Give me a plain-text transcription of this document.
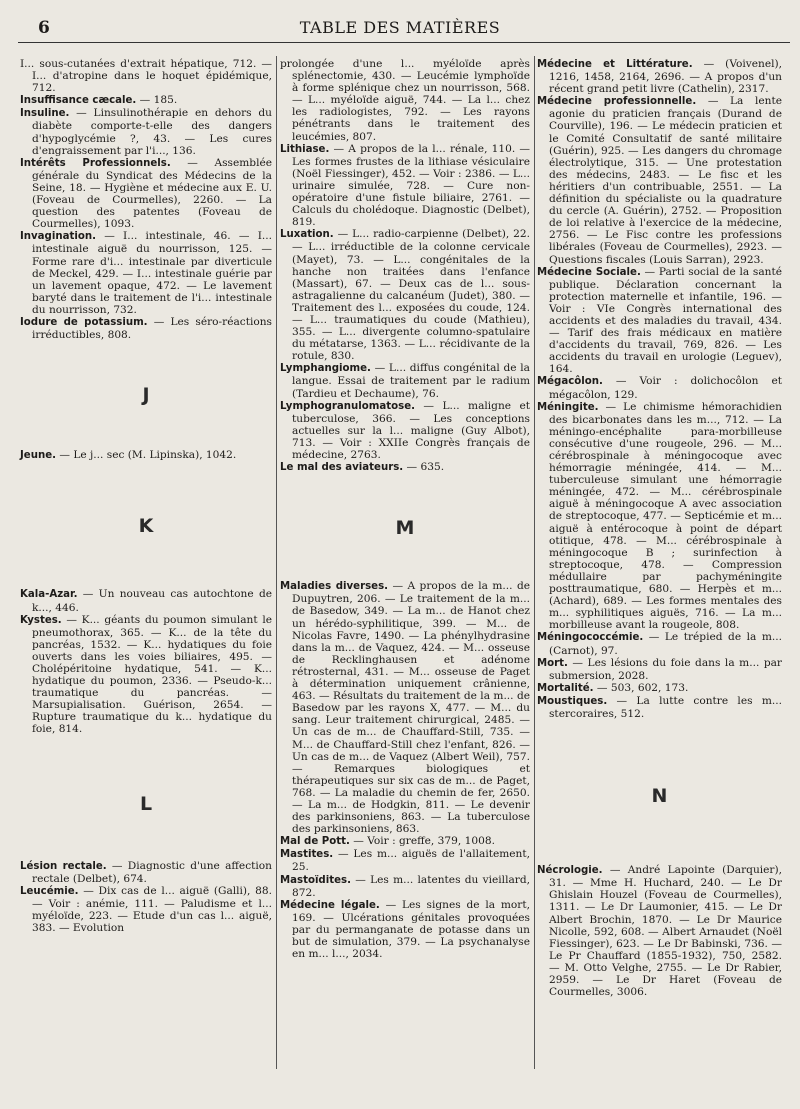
6	TABLE DES MATIÈRES

I... sous-cutanées d'extrait hépatique, 712. — I... d'atropine dans le hoquet épidémique, 712.

Insuffisance cæcale. — 185.

Insuline. — Linsulinothérapie en dehors du diabète comporte-t-elle des dangers d'hypoglycémie ?, 43. — Les cures d'engraissement par l'i..., 136.

Intérêts Professionnels. — Assemblée générale du Syndicat des Médecins de la Seine, 18. — Hygiène et médecine aux E. U. (Foveau de Courmelles), 2260. — La question des patentes (Foveau de Courmelles), 1093.

Invagination. — I... intestinale, 46. — I... intestinale aiguë du nourrisson, 125. — Forme rare d'i... intestinale par diverticule de Meckel, 429. — I... intestinale guérie par un lavement opaque, 472. — Le lavement baryté dans le traitement de l'i... intestinale du nourrisson, 732.

Iodure de potassium. — Les séro-réactions irréductibles, 808.

J

Jeune. — Le j... sec (M. Lipinska), 1042.

K

Kala-Azar. — Un nouveau cas autochtone de k..., 446.

Kystes. — K... géants du poumon simulant le pneumothorax, 365. — K... de la tête du pancréas, 1532. — K... hydatiques du foie ouverts dans les voies biliaires, 495. — Cholépéritoine hydatique, 541. — K... hydatique du poumon, 2336. — Pseudo-k... traumatique du pancréas. — Marsupialisation. Guérison, 2654. — Rupture traumatique du k... hydatique du foie, 814.

L

Lésion rectale. — Diagnostic d'une affection rectale (Delbet), 674.

Leucémie. — Dix cas de l... aiguë (Galli), 88. — Voir : anémie, 111. — Paludisme et l... myéloïde, 223. — Etude d'un cas l... aiguë, 383. — Evolution

prolongée d'une l... myéloïde après splénectomie, 430. — Leucémie lymphoïde à forme splénique chez un nourrisson, 568. — L... myéloïde aiguë, 744. — La l... chez les radiologistes, 792. — Les rayons pénétrants dans le traitement des leucémies, 807.

Lithiase. — A propos de la l... rénale, 110. — Les formes frustes de la lithiase vésiculaire (Noël Fiessinger), 452. — Voir : 2386. — L... urinaire simulée, 728. — Cure non-opératoire d'une fistule biliaire, 2761. — Calculs du cholédoque. Diagnostic (Delbet), 819.

Luxation. — L... radio-carpienne (Delbet), 22. — L... irréductible de la colonne cervicale (Mayet), 73. — L... congénitales de la hanche non traitées dans l'enfance (Massart), 67. — Deux cas de l... sous-astragalienne du calcanéum (Judet), 380. — Traitement des l... exposées du coude, 124. — L... traumatiques du coude (Mathieu), 355. — L... divergente columno-spatulaire du métatarse, 1363. — L... récidivante de la rotule, 830.

Lymphangiome. — L... diffus congénital de la langue. Essai de traitement par le radium (Tardieu et Dechaume), 76.

Lymphogranulomatose. — L... maligne et tuberculose, 366. — Les conceptions actuelles sur la l... maligne (Guy Albot), 713. — Voir : XXIIe Congrès français de médecine, 2763.

Le mal des aviateurs. — 635.

M

Maladies diverses. — A propos de la m... de Dupuytren, 206. — Le traitement de la m... de Basedow, 349. — La m... de Hanot chez un hérédo-syphilitique, 399. — M... de Nicolas Favre, 1490. — La phénylhydrasine dans la m... de Vaquez, 424. — M... osseuse de Recklinghausen et adénome rétrosternal, 431. — M... osseuse de Paget à détermination uniquement crânienne, 463. — Résultats du traitement de la m... de Basedow par les rayons X, 477. — M... du sang. Leur traitement chirurgical, 2485. — Un cas de m... de Chauffard-Still, 735. — M... de Chauffard-Still chez l'enfant, 826. — Un cas de m... de Vaquez (Albert Weil), 757. — Remarques biologiques et thérapeutiques sur six cas de m... de Paget, 768. — La maladie du chemin de fer, 2650. — La m... de Hodgkin, 811. — Le devenir des parkinsoniens, 863. — La tuberculose des parkinsoniens, 863.

Mal de Pott. — Voir : greffe, 379, 1008.

Mastites. — Les m... aiguës de l'allaitement, 25.

Mastoïdites. — Les m... latentes du vieillard, 872.

Médecine légale. — Les signes de la mort, 169. — Ulcérations génitales provoquées par du permanganate de potasse dans un but de simulation, 379. — La psychanalyse en m... l..., 2034.

Médecine et Littérature. — (Voivenel), 1216, 1458, 2164, 2696. — A propos d'un récent grand petit livre (Cathelin), 2317.

Médecine professionnelle. — La lente agonie du praticien français (Durand de Courville), 196. — Le médecin praticien et le Comité Consultatif de santé militaire (Guérin), 925. — Les dangers du chromage électrolytique, 315. — Une protestation des médecins, 2483. — Le fisc et les héritiers d'un contribuable, 2551. — La définition du spécialiste ou la quadrature du cercle (A. Guérin), 2752. — Proposition de loi relative à l'exercice de la médecine, 2756. — Le Fisc contre les professions libérales (Foveau de Courmelles), 2923. — Questions fiscales (Louis Sarran), 2923.

Médecine Sociale. — Parti social de la santé publique. Déclaration concernant la protection maternelle et infantile, 196. — Voir : VIe Congrès international des accidents et des maladies du travail, 434. — Tarif des frais médicaux en matière d'accidents du travail, 769, 826. — Les accidents du travail en urologie (Leguev), 164.

Mégacôlon. — Voir : dolichocôlon et mégacôlon, 129.

Méningite. — Le chimisme hémorachidien des bicarbonates dans les m..., 712. — La méningo-encéphalite para-morbilleuse consécutive d'une rougeole, 296. — M... cérébrospinale à méningocoque avec hémorragie méningée, 414. — M... tuberculeuse simulant une hémorragie méningée, 472. — M... cérébrospinale aiguë à méningocoque A avec association de streptocoque, 477. — Septicémie et m... aiguë à entérocoque à point de départ otitique, 478. — M... cérébrospinale à méningocoque B ; surinfection à streptocoque, 478. — Compression médullaire par pachyméningite posttraumatique, 680. — Herpès et m... (Achard), 689. — Les formes mentales des m... syphilitiques aiguës, 716. — La m... morbilleuse avant la rougeole, 808.

Méningococcémie. — Le trépied de la m... (Carnot), 97.

Mort. — Les lésions du foie dans la m... par submersion, 2028.

Mortalité. — 503, 602, 173.

Moustiques. — La lutte contre les m... stercoraires, 512.

N

Nécrologie. — André Lapointe (Darquier), 31. — Mme H. Huchard, 240. — Le Dr Ghislain Houzel (Foveau de Courmelles), 1311. — Le Dr Laumonier, 415. — Le Dr Albert Brochin, 1870. — Le Dr Maurice Nicolle, 592, 608. — Albert Arnaudet (Noël Fiessinger), 623. — Le Dr Babinski, 736. — Le Pr Chauffard (1855-1932), 750, 2582. — M. Otto Velghe, 2755. — Le Dr Rabier, 2959. — Le Dr Haret (Foveau de Courmelles, 3006.
